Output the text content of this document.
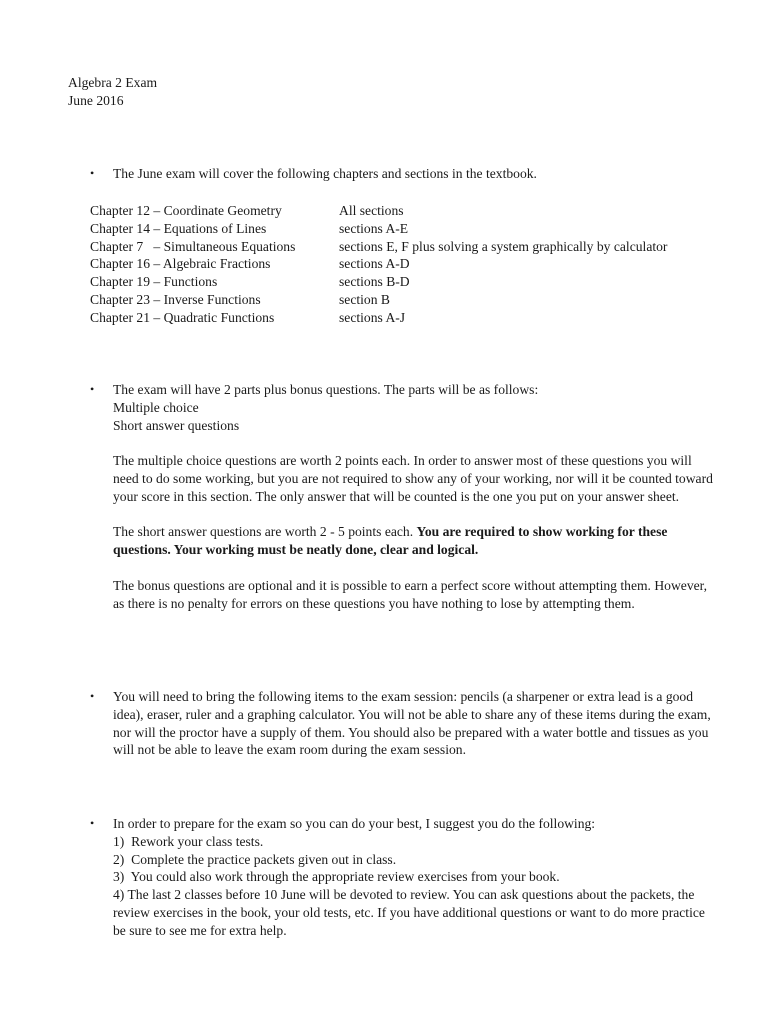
Algebra 2 Exam
June 2016
• The June exam will cover the following chapters and sections in the textbook.
Chapter 12 – Coordinate Geometry	All sections
Chapter 14 – Equations of Lines	sections A-E
Chapter 7   – Simultaneous Equations	sections E, F plus solving a system graphically by calculator
Chapter 16 – Algebraic Fractions	sections A-D
Chapter 19 – Functions	sections B-D
Chapter 23 – Inverse Functions	section B
Chapter 21 – Quadratic Functions	sections A-J
• The exam will have 2 parts plus bonus questions. The parts will be as follows:

Multiple choice

Short answer questions

The multiple choice questions are worth 2 points each. In order to answer most of these questions you will need to do some working, but you are not required to show any of your working, nor will it be counted toward your score in this section. The only answer that will be counted is the one you put on your answer sheet.

The short answer questions are worth 2 - 5 points each. You are required to show working for these questions. Your working must be neatly done, clear and logical.

The bonus questions are optional and it is possible to earn a perfect score without attempting them. However, as there is no penalty for errors on these questions you have nothing to lose by attempting them.

• You will need to bring the following items to the exam session: pencils (a sharpener or extra lead is a good idea), eraser, ruler and a graphing calculator. You will not be able to share any of these items during the exam, nor will the proctor have a supply of them. You should also be prepared with a water bottle and tissues as you will not be able to leave the exam room during the exam session.
• In order to prepare for the exam so you can do your best, I suggest you do the following:

1)  Rework your class tests.

2)  Complete the practice packets given out in class.

3)  You could also work through the appropriate review exercises from your book.

4) The last 2 classes before 10 June will be devoted to review. You can ask questions about the packets, the review exercises in the book, your old tests, etc. If you have additional questions or want to do more practice be sure to see me for extra help.
